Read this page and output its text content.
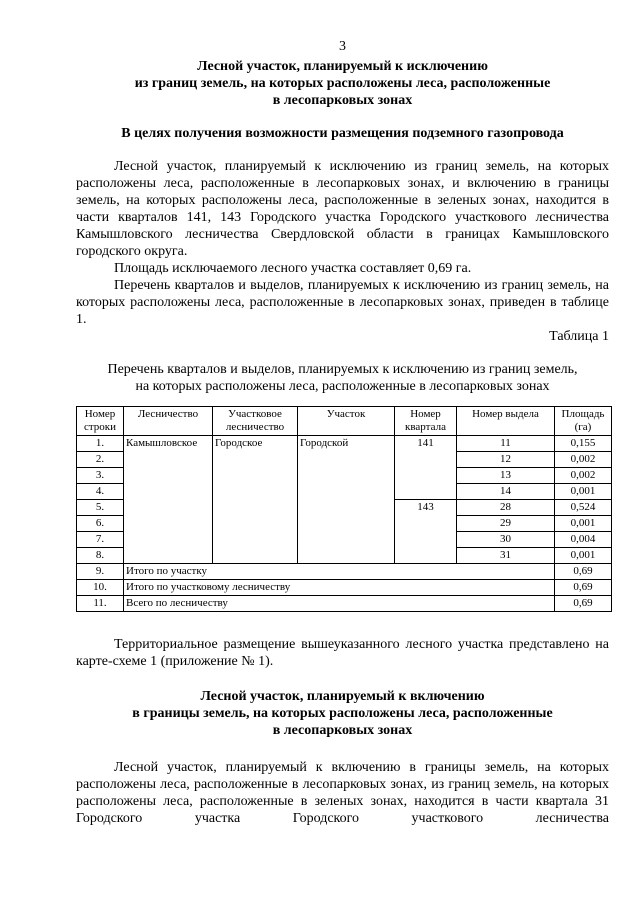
3
Лесной участок, планируемый к исключению
из границ земель, на которых расположены леса, расположенные
в лесопарковых зонах
В целях получения возможности размещения подземного газопровода

Лесной участок, планируемый к исключению из границ земель, на которых расположены леса, расположенные в лесопарковых зонах, и включению в границы земель, на которых расположены леса, расположенные в зеленых зонах, находится в части кварталов 141, 143 Городского участка Городского участкового лесничества Камышловского лесничества Свердловской области в границах Камышловского городского округа.

Площадь исключаемого лесного участка составляет 0,69 га.

Перечень кварталов и выделов, планируемых к исключению из границ земель, на которых расположены леса, расположенные в лесопарковых зонах, приведен в таблице 1.

Таблица 1
Перечень кварталов и выделов, планируемых к исключению из границ земель,
на которых расположены леса, расположенные в лесопарковых зонах
Номер строки	Лесничество	Участковое лесничество	Участок	Номер квартала	Номер выдела	Площадь (га)
1.	Камышловское	Городское	Городской	141	11	0,155
2.					12	0,002
3.					13	0,002
4.					14	0,001
5.				143	28	0,524
6.					29	0,001
7.					30	0,004
8.					31	0,001
9.	Итого по участку					0,69
10.	Итого по участковому лесничеству					0,69
11.	Всего по лесничеству					0,69

Территориальное размещение вышеуказанного лесного участка представлено на карте-схеме 1 (приложение № 1).

Лесной участок, планируемый к включению
в границы земель, на которых расположены леса, расположенные
в лесопарковых зонах

Лесной участок, планируемый к включению в границы земель, на которых расположены леса, расположенные в лесопарковых зонах, из границ земель, на которых расположены леса, расположенные в зеленых зонах, находится в части квартала 31 Городского участка Городского участкового лесничества
